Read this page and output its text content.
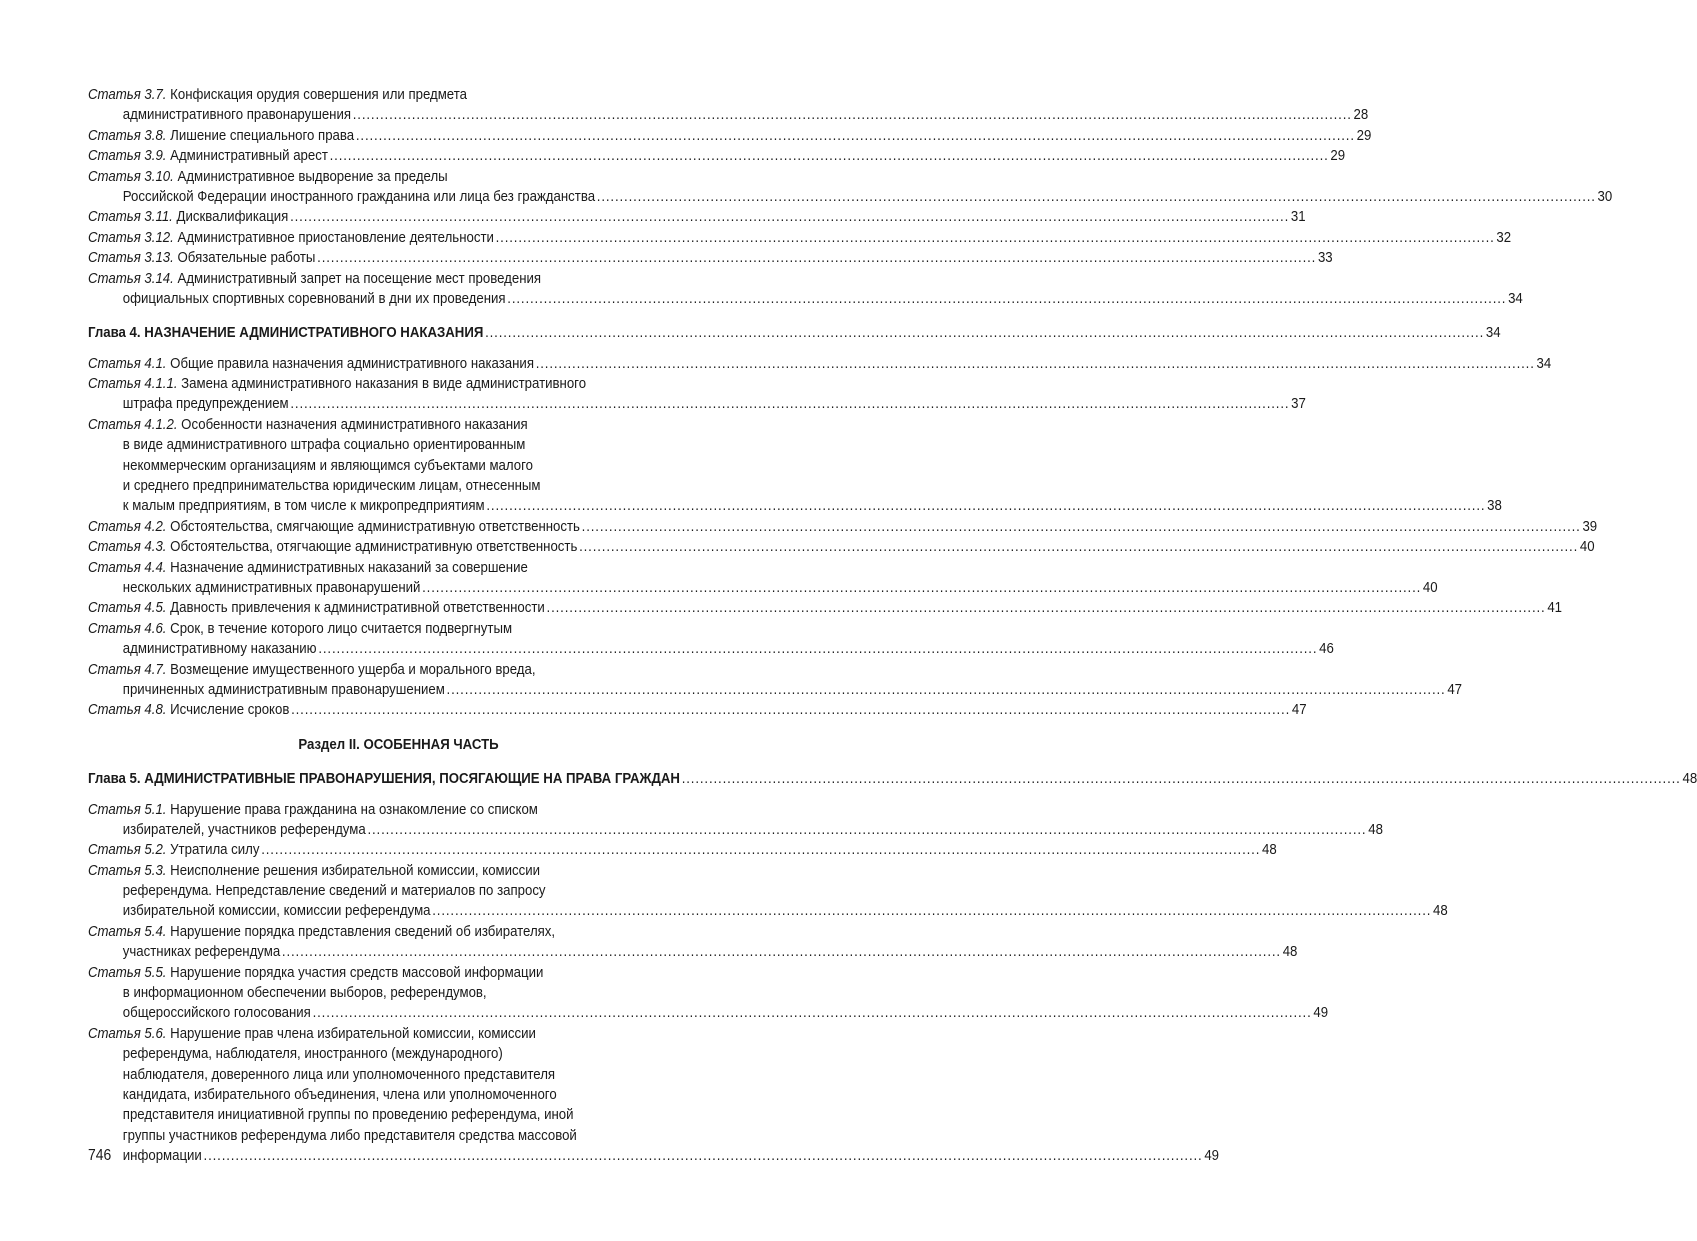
Статья 3.7. Конфискация орудия совершения или предмета
административного правонарушения ............................................................................................................................................................................................................................ 28
Статья 3.8. Лишение специального права ............................................................................................................................................................................................................................ 29
Статья 3.9. Административный арест ............................................................................................................................................................................................................................ 29
Статья 3.10. Административное выдворение за пределы
Российской Федерации иностранного гражданина или лица без гражданства ............................................................................................................................................................................................................................ 30
Статья 3.11. Дисквалификация ............................................................................................................................................................................................................................ 31
Статья 3.12. Административное приостановление деятельности ............................................................................................................................................................................................................................ 32
Статья 3.13. Обязательные работы ............................................................................................................................................................................................................................ 33
Статья 3.14. Административный запрет на посещение мест проведения
официальных спортивных соревнований в дни их проведения ............................................................................................................................................................................................................................ 34
Глава 4. НАЗНАЧЕНИЕ АДМИНИСТРАТИВНОГО НАКАЗАНИЯ ............................................................................................................................................................................................................................ 34
Статья 4.1. Общие правила назначения административного наказания ............................................................................................................................................................................................................................ 34
Статья 4.1.1. Замена административного наказания в виде административного
штрафа предупреждением ............................................................................................................................................................................................................................ 37
Статья 4.1.2. Особенности назначения административного наказания
в виде административного штрафа социально ориентированным
некоммерческим организациям и являющимся субъектами малого
и среднего предпринимательства юридическим лицам, отнесенным
к малым предприятиям, в том числе к микропредприятиям ............................................................................................................................................................................................................................ 38
Статья 4.2. Обстоятельства, смягчающие административную ответственность ............................................................................................................................................................................................................................ 39
Статья 4.3. Обстоятельства, отягчающие административную ответственность ............................................................................................................................................................................................................................ 40
Статья 4.4. Назначение административных наказаний за совершение
нескольких административных правонарушений ............................................................................................................................................................................................................................ 40
Статья 4.5. Давность привлечения к административной ответственности ............................................................................................................................................................................................................................ 41
Статья 4.6. Срок, в течение которого лицо считается подвергнутым
административному наказанию ............................................................................................................................................................................................................................ 46
Статья 4.7. Возмещение имущественного ущерба и морального вреда,
причиненных административным правонарушением ............................................................................................................................................................................................................................ 47
Статья 4.8. Исчисление сроков ............................................................................................................................................................................................................................ 47
Раздел II. ОСОБЕННАЯ ЧАСТЬ
Глава 5. АДМИНИСТРАТИВНЫЕ ПРАВОНАРУШЕНИЯ, ПОСЯГАЮЩИЕ НА ПРАВА ГРАЖДАН ............................................................................................................................................................................................................................ 48
Статья 5.1. Нарушение права гражданина на ознакомление со списком
избирателей, участников референдума ............................................................................................................................................................................................................................ 48
Статья 5.2. Утратила силу ............................................................................................................................................................................................................................ 48
Статья 5.3. Неисполнение решения избирательной комиссии, комиссии
референдума. Непредставление сведений и материалов по запросу
избирательной комиссии, комиссии референдума ............................................................................................................................................................................................................................ 48
Статья 5.4. Нарушение порядка представления сведений об избирателях,
участниках референдума ............................................................................................................................................................................................................................ 48
Статья 5.5. Нарушение порядка участия средств массовой информации
в информационном обеспечении выборов, референдумов,
общероссийского голосования ............................................................................................................................................................................................................................ 49
Статья 5.6. Нарушение прав члена избирательной комиссии, комиссии
референдума, наблюдателя, иностранного (международного)
наблюдателя, доверенного лица или уполномоченного представителя
кандидата, избирательного объединения, члена или уполномоченного
представителя инициативной группы по проведению референдума, иной
группы участников референдума либо представителя средства массовой
информации ............................................................................................................................................................................................................................ 49
746
